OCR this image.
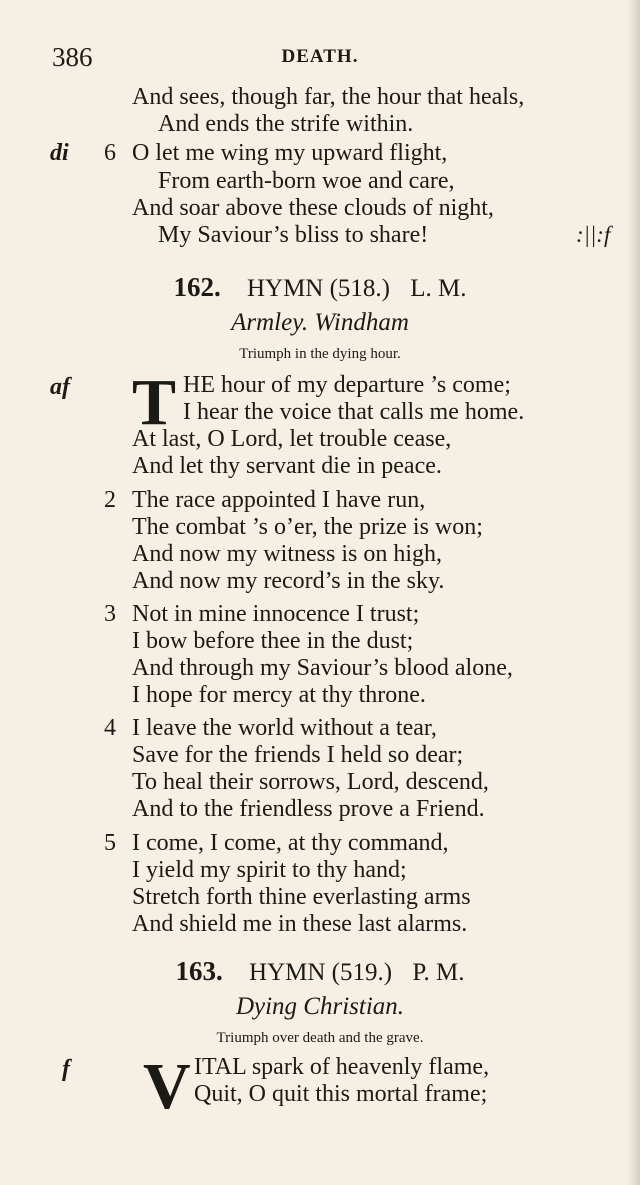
386	DEATH.
And sees, though far, the hour that heals,
And ends the strife within.
di 6 O let me wing my upward flight,
From earth-born woe and care,
And soar above these clouds of night,
My Saviour’s bliss to share!	:||:f
162. HYMN (518.) L. M.
Armley. Windham
Triumph in the dying hour.
af T HE hour of my departure ’s come;
I hear the voice that calls me home.
At last, O Lord, let trouble cease,
And let thy servant die in peace.
2 The race appointed I have run,
The combat ’s o’er, the prize is won;
And now my witness is on high,
And now my record’s in the sky.
3 Not in mine innocence I trust;
I bow before thee in the dust;
And through my Saviour’s blood alone,
I hope for mercy at thy throne.
4 I leave the world without a tear,
Save for the friends I held so dear;
To heal their sorrows, Lord, descend,
And to the friendless prove a Friend.
5 I come, I come, at thy command,
I yield my spirit to thy hand;
Stretch forth thine everlasting arms
And shield me in these last alarms.
163. HYMN (519.) P. M.
Dying Christian.
Triumph over death and the grave.
f V ITAL spark of heavenly flame,
Quit, O quit this mortal frame;
